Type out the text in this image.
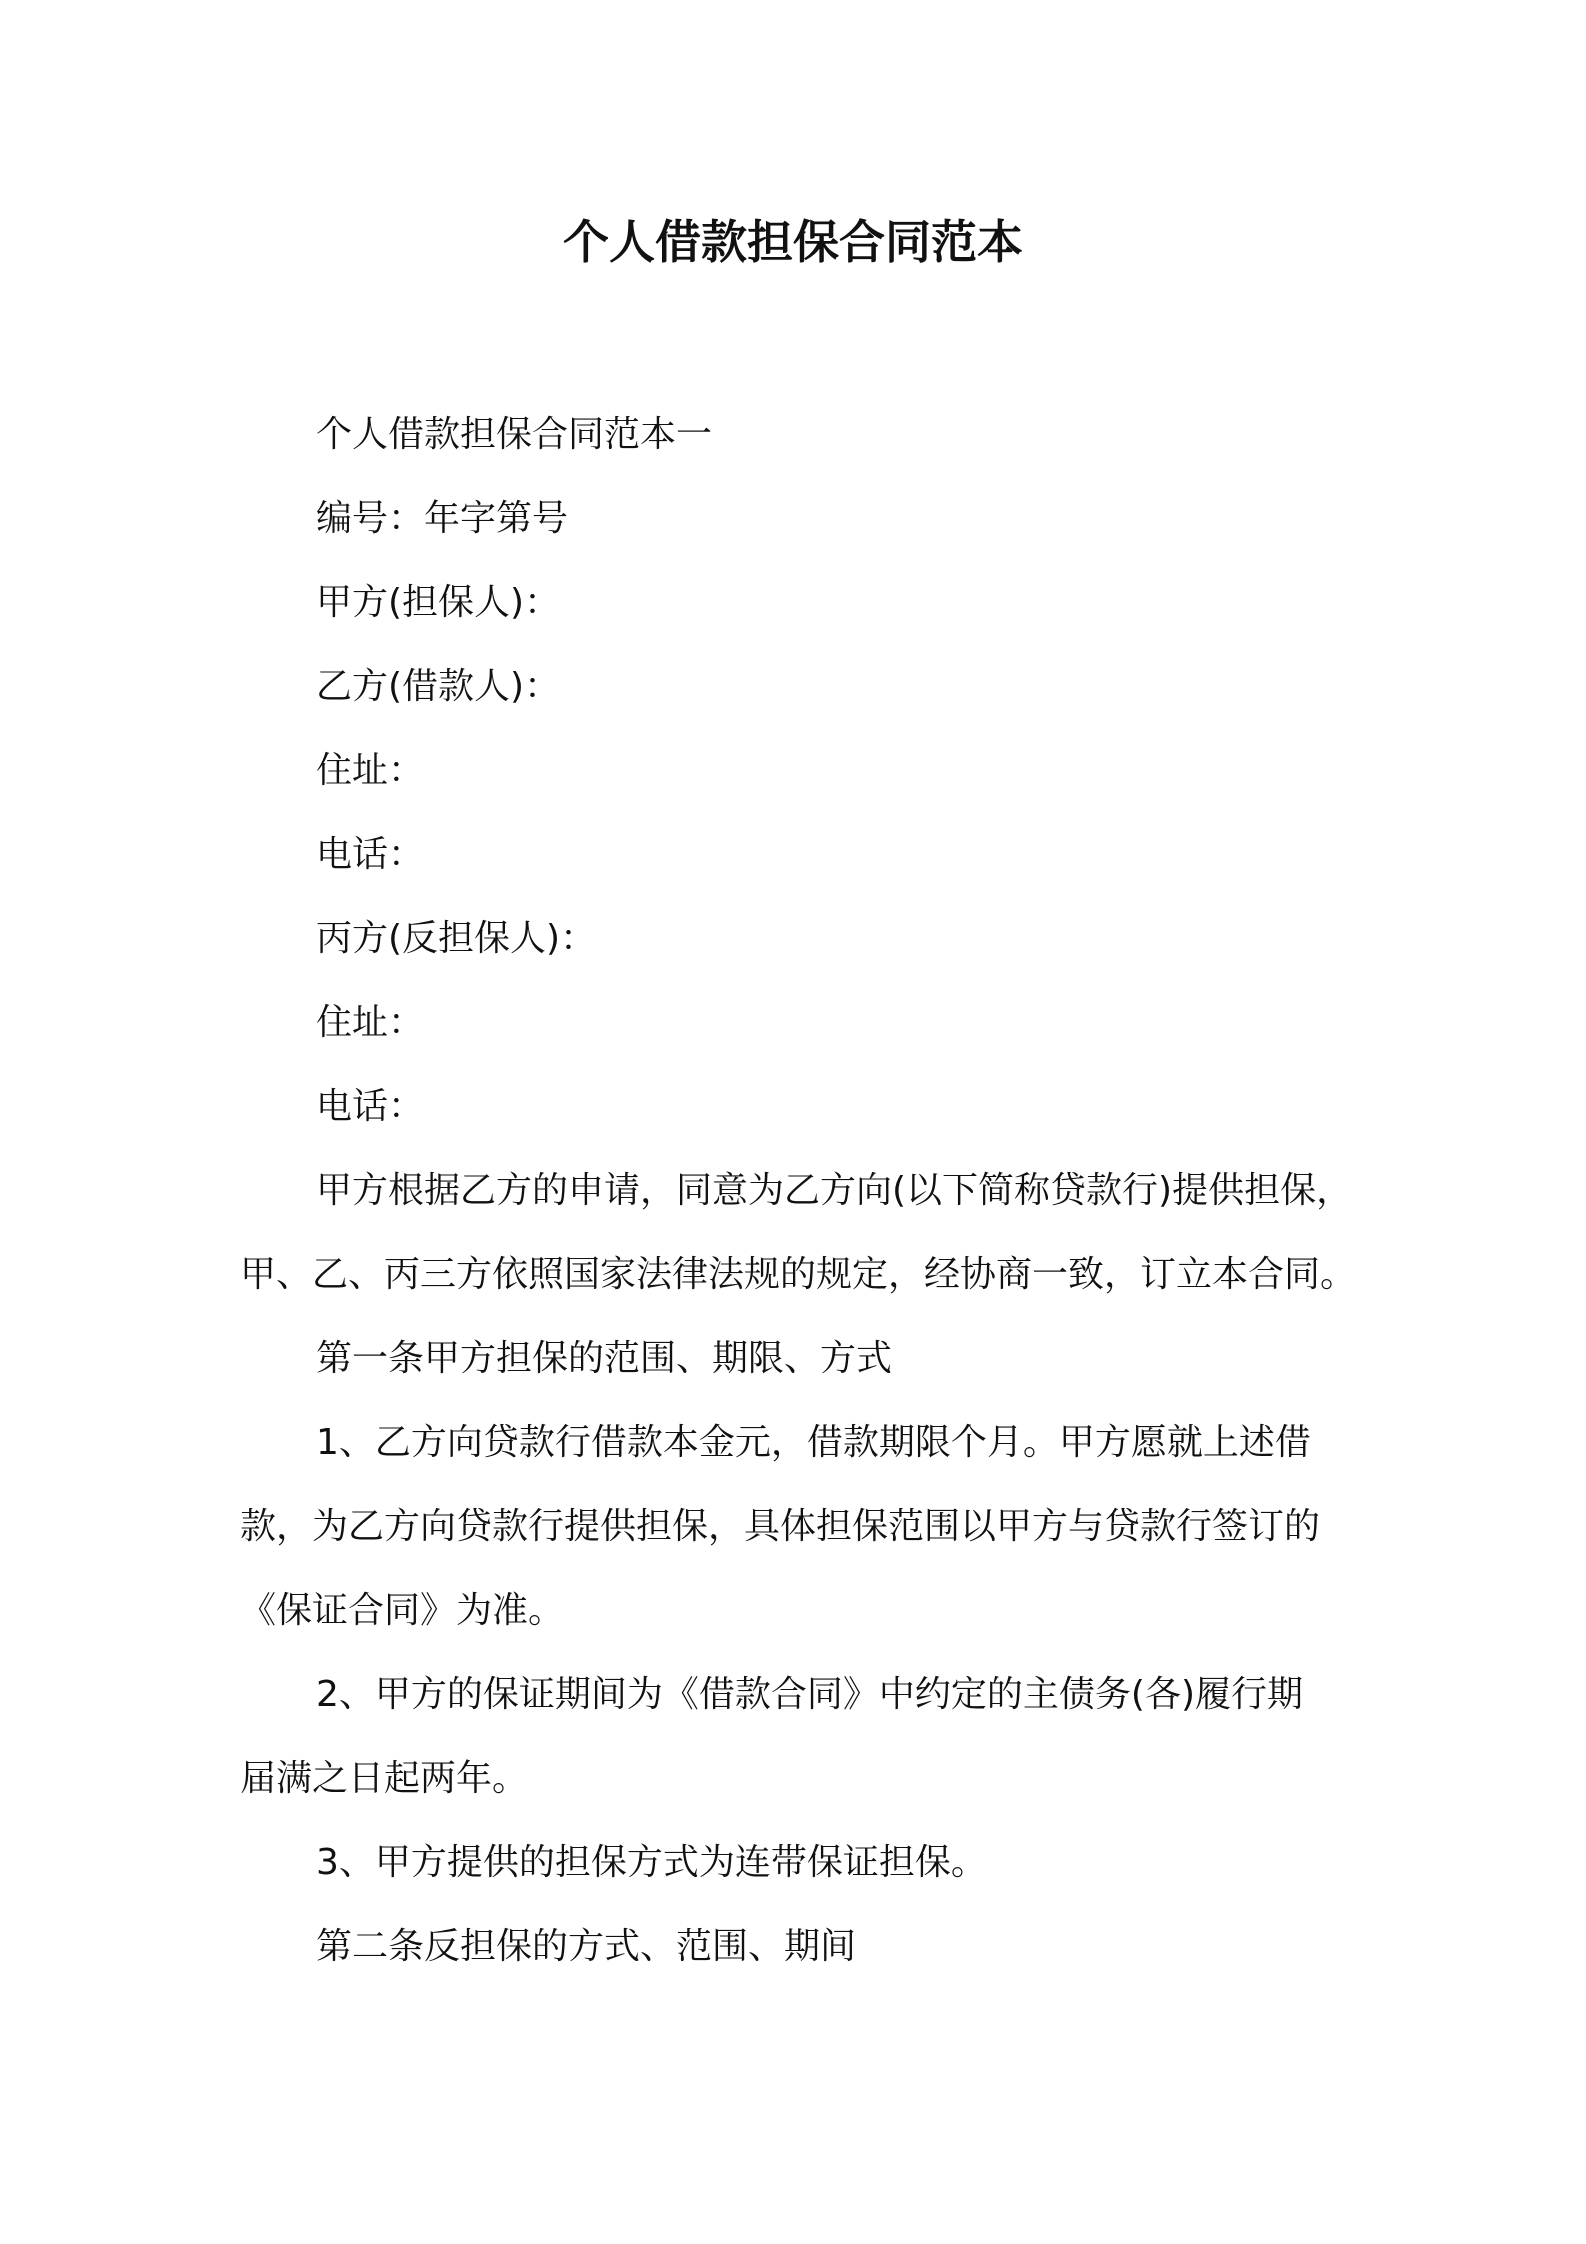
个人借款担保合同范本
个人借款担保合同范本一
编号：年字第号
甲方(担保人)：
乙方(借款人)：
住址：
电话：
丙方(反担保人)：
住址：
电话：
甲方根据乙方的申请，同意为乙方向(以下简称贷款行)提供担保，
甲、乙、丙三方依照国家法律法规的规定，经协商一致，订立本合同。
第一条甲方担保的范围、期限、方式
1、乙方向贷款行借款本金元，借款期限个月。甲方愿就上述借
款，为乙方向贷款行提供担保，具体担保范围以甲方与贷款行签订的
《保证合同》为准。
2、甲方的保证期间为《借款合同》中约定的主债务(各)履行期
届满之日起两年。
3、甲方提供的担保方式为连带保证担保。
第二条反担保的方式、范围、期间
